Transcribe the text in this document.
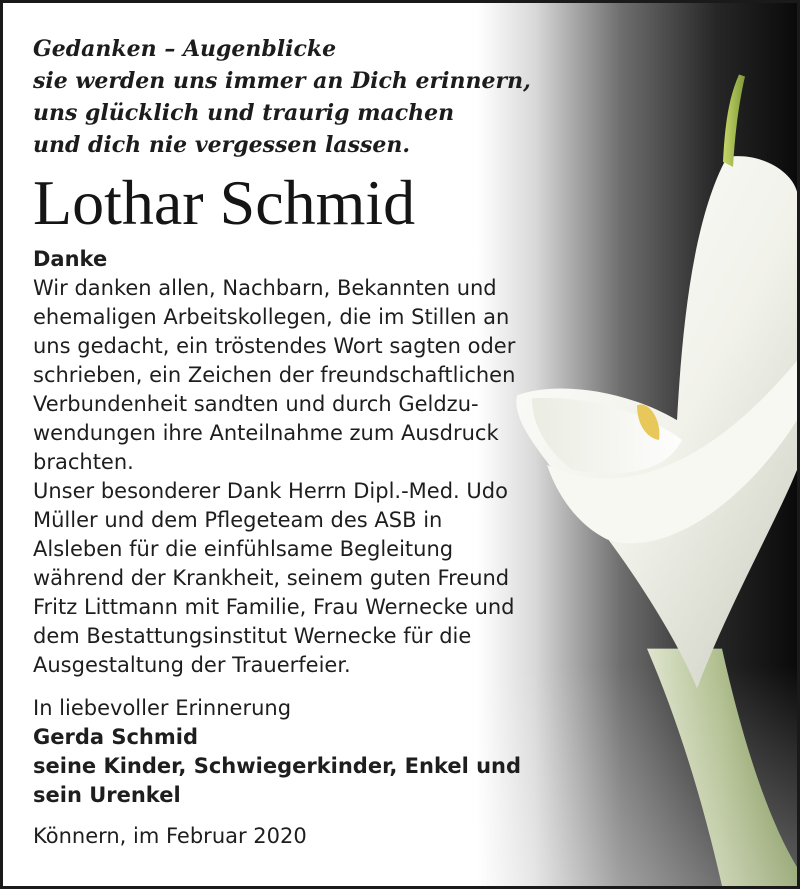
Gedanken – Augenblicke
sie werden uns immer an Dich erinnern,
uns glücklich und traurig machen
und dich nie vergessen lassen.
Lothar Schmid
Danke
Wir danken allen, Nachbarn, Bekannten und
ehemaligen Arbeitskollegen, die im Stillen an
uns gedacht, ein tröstendes Wort sagten oder
schrieben, ein Zeichen der freundschaftlichen
Verbundenheit sandten und durch Geldzu-
wendungen ihre Anteilnahme zum Ausdruck
brachten.
Unser besonderer Dank Herrn Dipl.-Med. Udo
Müller und dem Pflegeteam des ASB in
Alsleben für die einfühlsame Begleitung
während der Krankheit, seinem guten Freund
Fritz Littmann mit Familie, Frau Wernecke und
dem Bestattungsinstitut Wernecke für die
Ausgestaltung der Trauerfeier.
In liebevoller Erinnerung
Gerda Schmid
seine Kinder, Schwiegerkinder, Enkel und
sein Urenkel
Könnern, im Februar 2020
